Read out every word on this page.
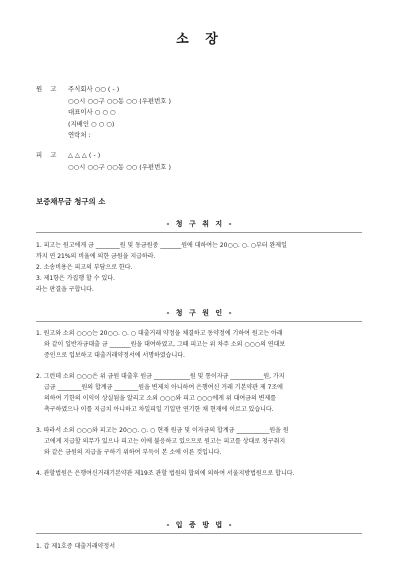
소 장
원 고	주식회사 ○○ ( - )
○○시 ○○구 ○○동 ○○ (우편번호 )
대표이사 ○ ○ ○
(지배인 ○ ○ ○)
연락처 :
피 고	△ △ △ ( - )
○○시 ○○구 ○○동 ○○ (우편번호 )
보증채무금 청구의 소
- 청 구 취 지 -
1. 피고는 원고에게 금 ________원 및 동금원중 _______원에 대하여는 20○○. ○. ○부터 완제일
까지 연 21%의 비율에 의한 금원을 지급하라.
2. 소송비용은 피고의 부담으로 한다.
3. 제1항은 가집행 할 수 있다.
라는 판결을 구합니다.
- 청 구 원 인 -
1. 원고와 소외 ○○○는 20○○. ○. ○ 대출거래 약정을 체결하고 동약정에 기하여 원고는 아래
와 같이 일반자금대출 금 _______원을 대여하였고, 그때 피고는 위 차주 소외 ○○○의 연대보
증인으로 입보하고 대출거래약정서에 서명하였습니다.
2. 그런데 소외 ○○○은 위 금원 대출후 원금 ____________원 및 통이자금 ___________원, 가지
급금 ________원의 합계금 ________원을 변제치 아니하여 은행여신 거래 기본약관 제 7조에
의하여 기한의 이익이 상실됨을 알리고 소외 ○○○와 피고 ○○○에게 위 대여금의 변제를
촉구하였으나 이를 지급치 아니하고 차일피일 기일만 연기한 채 현재에 이르고 있습니다.
3. 따라서 소외 ○○○와 피고는 20○○. ○. ○ 현재 원금 및 이자금의 합계금 ___________원을 원
고에게 지급할 의무가 있으나 피고는 이에 불응하고 있으므로 원고는 피고를 상대로 청구취지
와 같은 금원의 지급을 구하기 위하여 부득이 본 소에 이른 것입니다.
4. 관할법원은 은행여신거래기본약관 제19조 관할 법원의 합의에 의하여 서울지방법원으로 합니다.
- 입 증 방 법 -
1. 갑 제1호증 대출거래약정서
